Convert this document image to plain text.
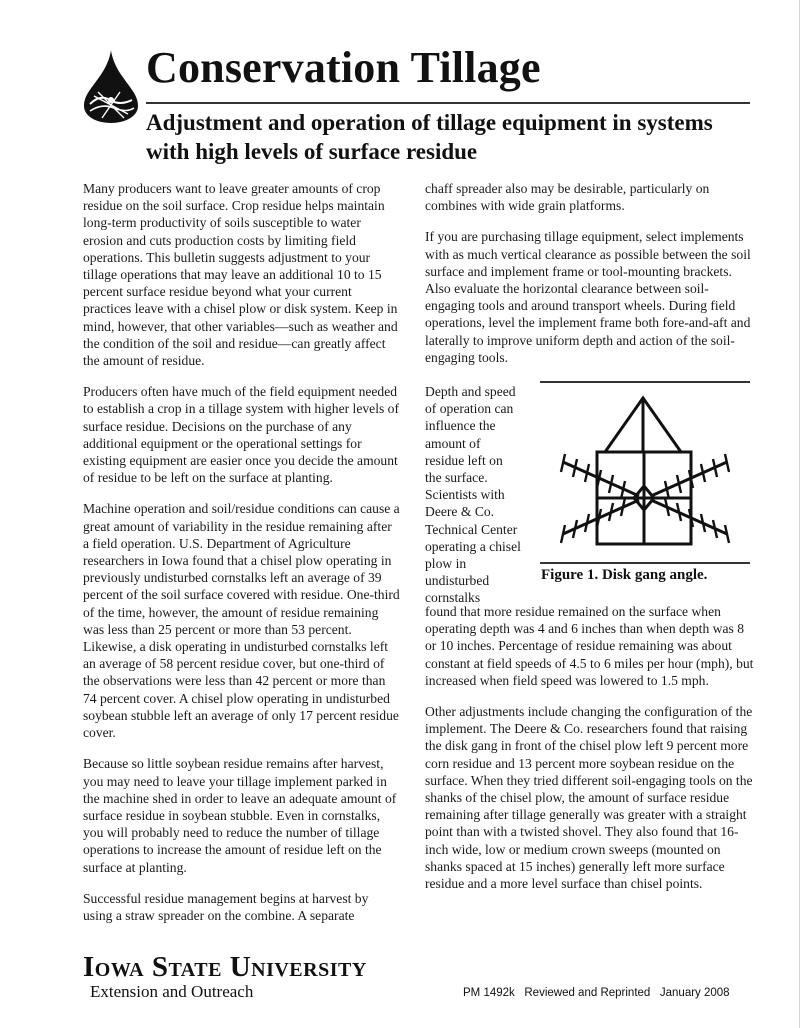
Conservation Tillage
Adjustment and operation of tillage equipment in systems with high levels of surface residue

Many producers want to leave greater amounts of crop residue on the soil surface. Crop residue helps maintain long-term productivity of soils susceptible to water erosion and cuts production costs by limiting field operations. This bulletin suggests adjustment to your tillage operations that may leave an additional 10 to 15 percent surface residue beyond what your current practices leave with a chisel plow or disk system. Keep in mind, however, that other variables—such as weather and the condition of the soil and residue—can greatly affect the amount of residue.

Producers often have much of the field equipment needed to establish a crop in a tillage system with higher levels of surface residue. Decisions on the purchase of any additional equipment or the operational settings for existing equipment are easier once you decide the amount of residue to be left on the surface at planting.

Machine operation and soil/residue conditions can cause a great amount of variability in the residue remaining after a field operation. U.S. Department of Agriculture researchers in Iowa found that a chisel plow operating in previously undisturbed cornstalks left an average of 39 percent of the soil surface covered with residue. One-third of the time, however, the amount of residue remaining was less than 25 percent or more than 53 percent. Likewise, a disk operating in undisturbed cornstalks left an average of 58 percent residue cover, but one-third of the observations were less than 42 percent or more than 74 percent cover. A chisel plow operating in undisturbed soybean stubble left an average of only 17 percent residue cover.

Because so little soybean residue remains after harvest, you may need to leave your tillage implement parked in the machine shed in order to leave an adequate amount of surface residue in soybean stubble. Even in cornstalks, you will probably need to reduce the number of tillage operations to increase the amount of residue left on the surface at planting.

Successful residue management begins at harvest by using a straw spreader on the combine. A separate

chaff spreader also may be desirable, particularly on combines with wide grain platforms.

If you are purchasing tillage equipment, select implements with as much vertical clearance as possible between the soil surface and implement frame or tool-mounting brackets. Also evaluate the horizontal clearance between soil-engaging tools and around transport wheels. During field operations, level the implement frame both fore-and-aft and laterally to improve uniform depth and action of the soil-engaging tools.

Depth and speed of operation can influence the amount of residue left on the surface. Scientists with Deere & Co. Technical Center operating a chisel plow in undisturbed cornstalks
Figure 1. Disk gang angle.

found that more residue remained on the surface when operating depth was 4 and 6 inches than when depth was 8 or 10 inches. Percentage of residue remaining was about constant at field speeds of 4.5 to 6 miles per hour (mph), but increased when field speed was lowered to 1.5 mph.

Other adjustments include changing the configuration of the implement. The Deere & Co. researchers found that raising the disk gang in front of the chisel plow left 9 percent more corn residue and 13 percent more soybean residue on the surface. When they tried different soil-engaging tools on the shanks of the chisel plow, the amount of surface residue remaining after tillage generally was greater with a straight point than with a twisted shovel. They also found that 16-inch wide, low or medium crown sweeps (mounted on shanks spaced at 15 inches) generally left more surface residue and a more level surface than chisel points.

Iowa State University
Extension and Outreach	PM 1492k   Reviewed and Reprinted   January 2008
